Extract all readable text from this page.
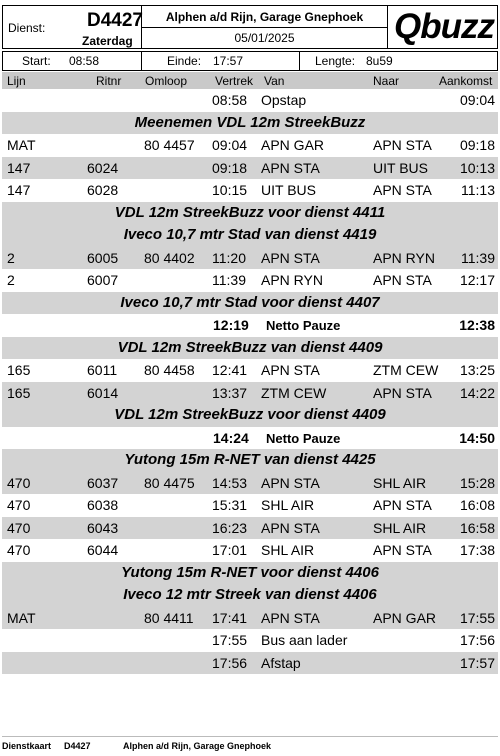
Dienst: D4427
Zaterdag
Alphen a/d Rijn, Garage Gnephoek
05/01/2025	Qbuzz
Start: 08:58	Einde: 17:57	Lengte: 8u59
Lijn	Ritnr Omloop Vertrek Van	Naar	Aankomst
08:58 Opstap	09:04
Meenemen VDL 12m StreekBuzz
MAT	80 4457 09:04 APN GAR	APN STA 09:18
147	6024	09:18 APN STA	UIT BUS 10:13
147	6028	10:15 UIT BUS	APN STA 11:13
VDL 12m StreekBuzz voor dienst 4411
Iveco 10,7 mtr Stad van dienst 4419
2	6005 80 4402 11:20 APN STA	APN RYN 11:39
2	6007	11:39 APN RYN	APN STA 12:17
Iveco 10,7 mtr Stad voor dienst 4407
12:19 Netto Pauze	12:38
VDL 12m StreekBuzz van dienst 4409
165	6011 80 4458 12:41 APN STA	ZTM CEW 13:25
165	6014	13:37 ZTM CEW	APN STA 14:22
VDL 12m StreekBuzz voor dienst 4409
14:24 Netto Pauze	14:50
Yutong 15m R-NET van dienst 4425
470	6037 80 4475 14:53 APN STA	SHL AIR 15:28
470	6038	15:31 SHL AIR	APN STA 16:08
470	6043	16:23 APN STA	SHL AIR 16:58
470	6044	17:01 SHL AIR	APN STA 17:38
Yutong 15m R-NET voor dienst 4406
Iveco 12 mtr Streek van dienst 4406
MAT	80 4411 17:41 APN STA	APN GAR 17:55
17:55 Bus aan lader	17:56
17:56 Afstap	17:57
Dienstkaart D4427	Alphen a/d Rijn, Garage Gnephoek
